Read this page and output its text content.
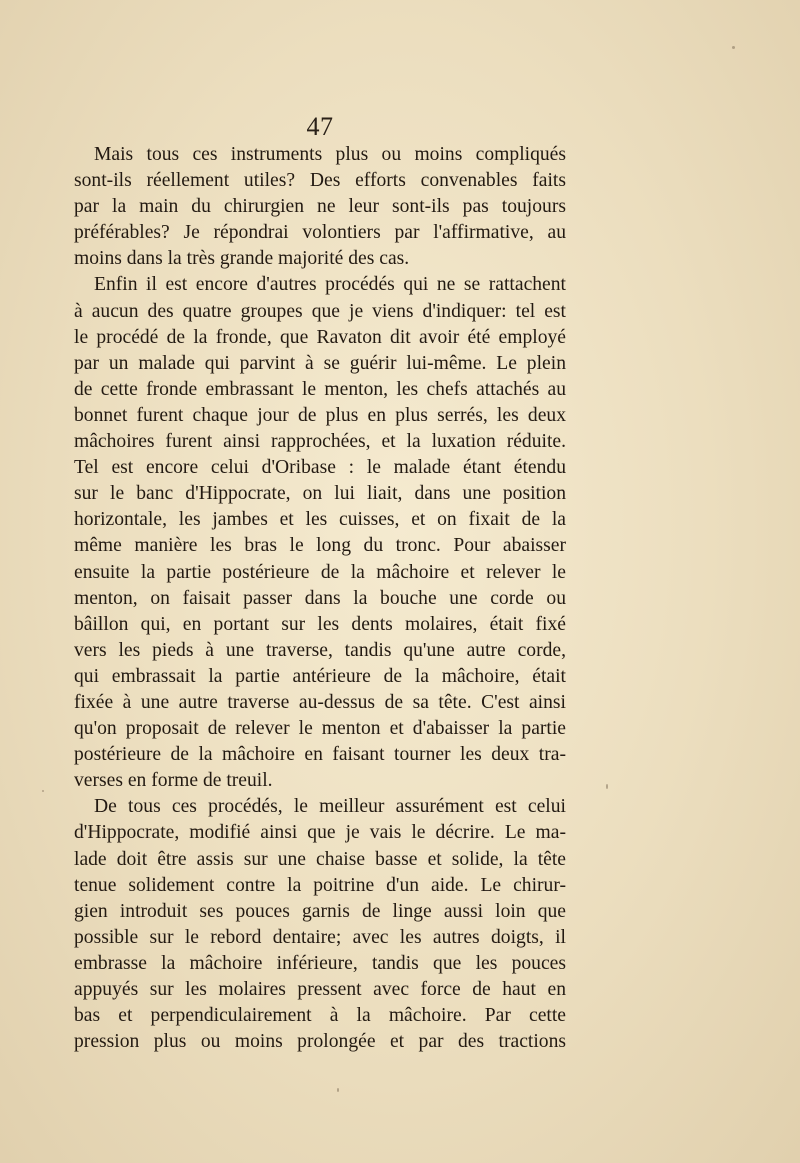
47
Mais tous ces instruments plus ou moins compliqués
sont-ils réellement utiles? Des efforts convenables faits
par la main du chirurgien ne leur sont-ils pas toujours
préférables? Je répondrai volontiers par l'affirmative, au
moins dans la très grande majorité des cas.
Enfin il est encore d'autres procédés qui ne se rattachent
à aucun des quatre groupes que je viens d'indiquer: tel est
le procédé de la fronde, que Ravaton dit avoir été employé
par un malade qui parvint à se guérir lui-même. Le plein
de cette fronde embrassant le menton, les chefs attachés au
bonnet furent chaque jour de plus en plus serrés, les deux
mâchoires furent ainsi rapprochées, et la luxation réduite.
Tel est encore celui d'Oribase : le malade étant étendu
sur le banc d'Hippocrate, on lui liait, dans une position
horizontale, les jambes et les cuisses, et on fixait de la
même manière les bras le long du tronc. Pour abaisser
ensuite la partie postérieure de la mâchoire et relever le
menton, on faisait passer dans la bouche une corde ou
bâillon qui, en portant sur les dents molaires, était fixé
vers les pieds à une traverse, tandis qu'une autre corde,
qui embrassait la partie antérieure de la mâchoire, était
fixée à une autre traverse au-dessus de sa tête. C'est ainsi
qu'on proposait de relever le menton et d'abaisser la partie
postérieure de la mâchoire en faisant tourner les deux tra-
verses en forme de treuil.
De tous ces procédés, le meilleur assurément est celui
d'Hippocrate, modifié ainsi que je vais le décrire. Le ma-
lade doit être assis sur une chaise basse et solide, la tête
tenue solidement contre la poitrine d'un aide. Le chirur-
gien introduit ses pouces garnis de linge aussi loin que
possible sur le rebord dentaire; avec les autres doigts, il
embrasse la mâchoire inférieure, tandis que les pouces
appuyés sur les molaires pressent avec force de haut en
bas et perpendiculairement à la mâchoire. Par cette
pression plus ou moins prolongée et par des tractions
